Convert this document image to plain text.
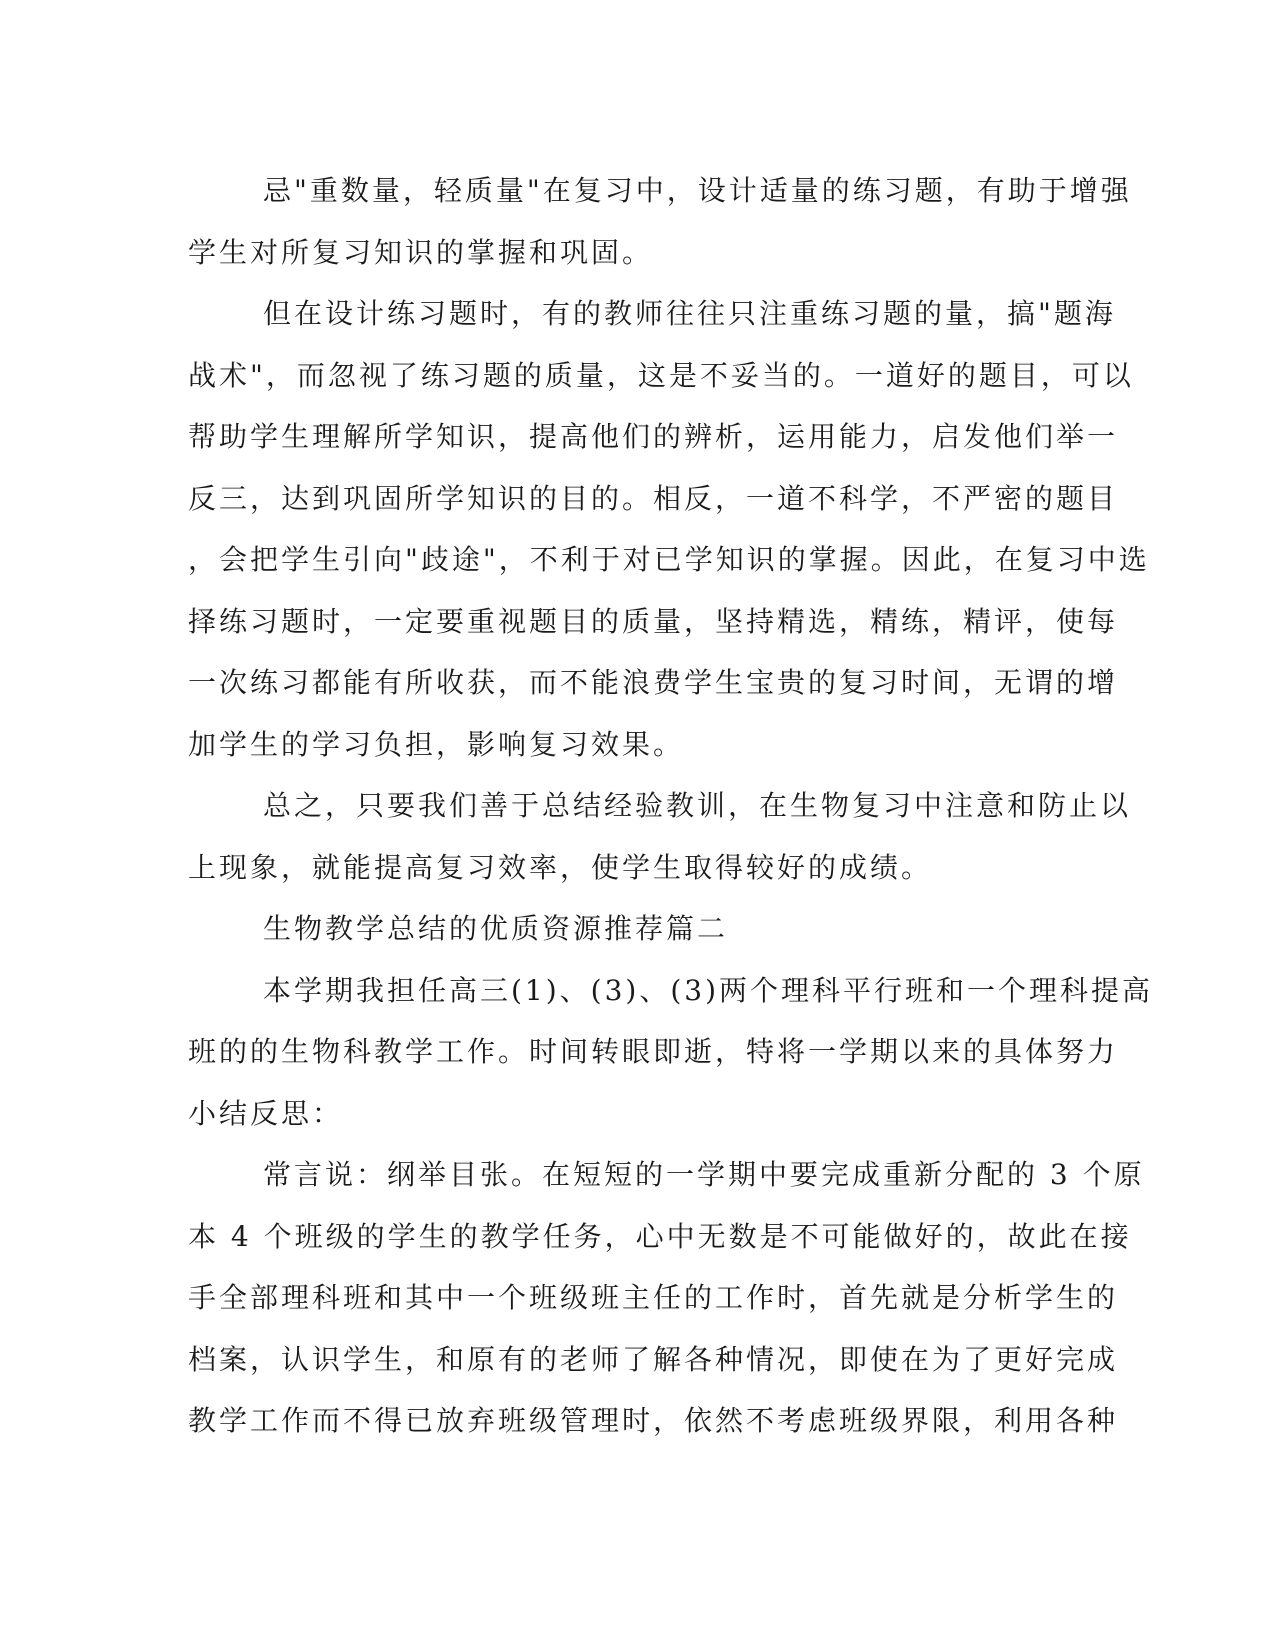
忌"重数量，轻质量"在复习中，设计适量的练习题，有助于增强
学生对所复习知识的掌握和巩固。
但在设计练习题时，有的教师往往只注重练习题的量，搞"题海
战术"，而忽视了练习题的质量，这是不妥当的。一道好的题目，可以
帮助学生理解所学知识，提高他们的辨析，运用能力，启发他们举一
反三，达到巩固所学知识的目的。相反，一道不科学，不严密的题目
，会把学生引向"歧途"，不利于对已学知识的掌握。因此，在复习中选
择练习题时，一定要重视题目的质量，坚持精选，精练，精评，使每
一次练习都能有所收获，而不能浪费学生宝贵的复习时间，无谓的增
加学生的学习负担，影响复习效果。
总之，只要我们善于总结经验教训，在生物复习中注意和防止以
上现象，就能提高复习效率，使学生取得较好的成绩。
生物教学总结的优质资源推荐篇二
本学期我担任高三(1)、(3)、(3)两个理科平行班和一个理科提高
班的的生物科教学工作。时间转眼即逝，特将一学期以来的具体努力
小结反思：
常言说：纲举目张。在短短的一学期中要完成重新分配的 3 个原
本 4 个班级的学生的教学任务，心中无数是不可能做好的，故此在接
手全部理科班和其中一个班级班主任的工作时，首先就是分析学生的
档案，认识学生，和原有的老师了解各种情况，即使在为了更好完成
教学工作而不得已放弃班级管理时，依然不考虑班级界限，利用各种
